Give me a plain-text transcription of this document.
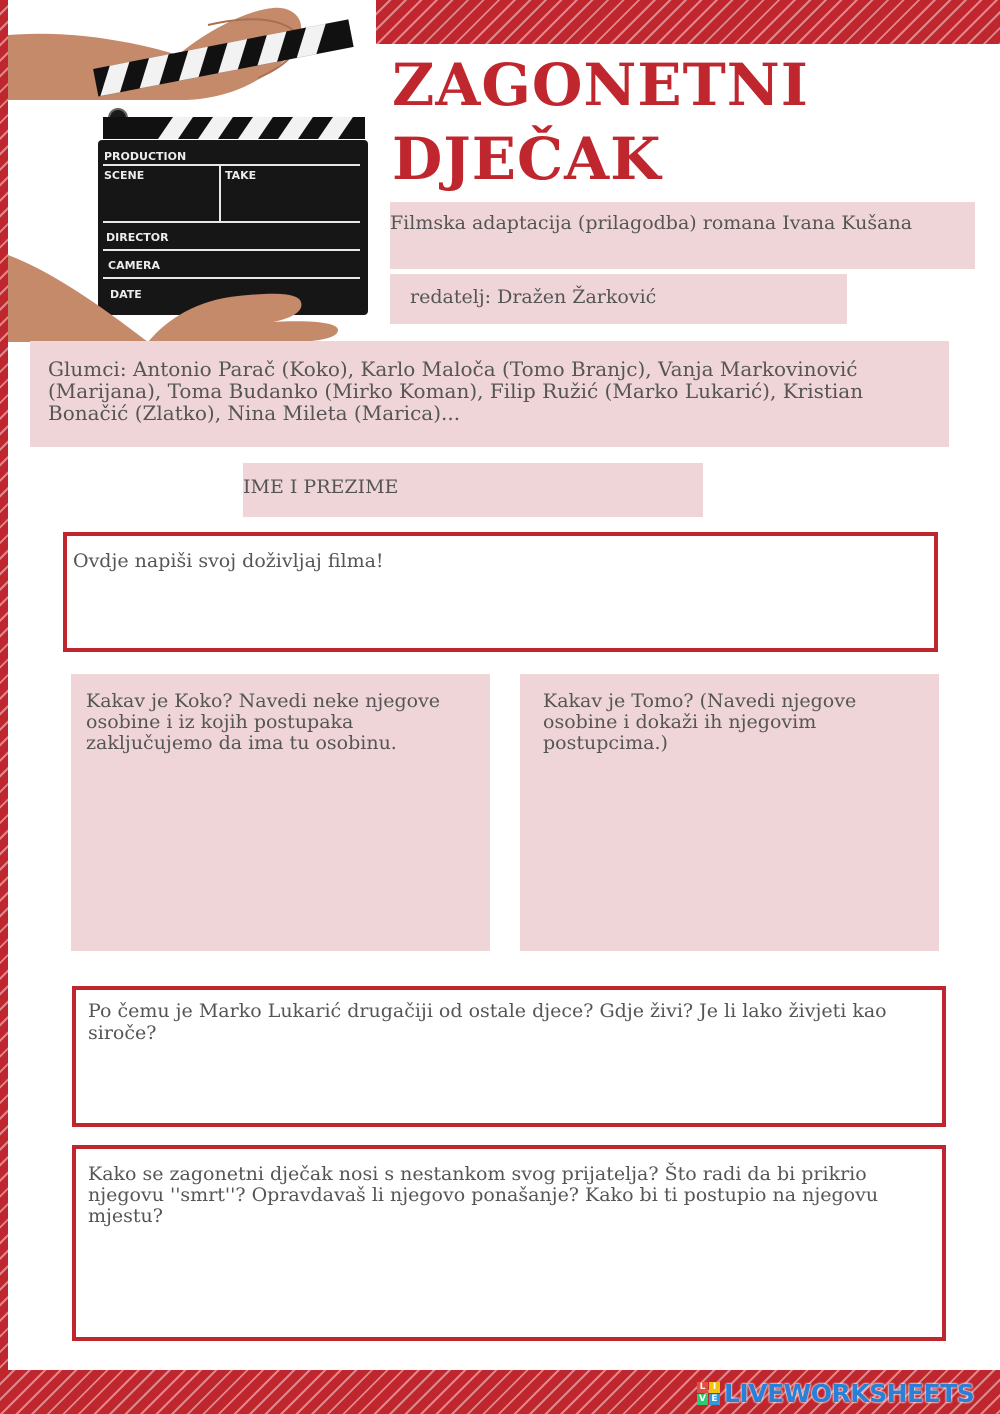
PRODUCTION
SCENE	TAKE
DIRECTOR
CAMERA
DATE
ZAGONETNI
DJEČAK
Filmska adaptacija (prilagodba) romana Ivana Kušana
redatelj: Dražen Žarković
Glumci: Antonio Parač (Koko), Karlo Maloča (Tomo Branjc), Vanja Markovinović (Marijana), Toma Budanko (Mirko Koman), Filip Ružić (Marko Lukarić), Kristian Bonačić (Zlatko), Nina Mileta (Marica)...
IME I PREZIME
Ovdje napiši svoj doživljaj filma!
Kakav je Koko? Navedi neke njegove osobine i iz kojih postupaka zaključujemo da ima tu osobinu.
Kakav je Tomo? (Navedi njegove osobine i dokaži ih njegovim postupcima.)
Po čemu je Marko Lukarić drugačiji od ostale djece? Gdje živi? Je li lako živjeti kao siroče?
Kako se zagonetni dječak nosi s nestankom svog prijatelja? Što radi da bi prikrio njegovu ''smrt''? Opravdavaš li njegovo ponašanje? Kako bi ti postupio na njegovu mjestu?
L I
V E LIVEWORKSHEETS
